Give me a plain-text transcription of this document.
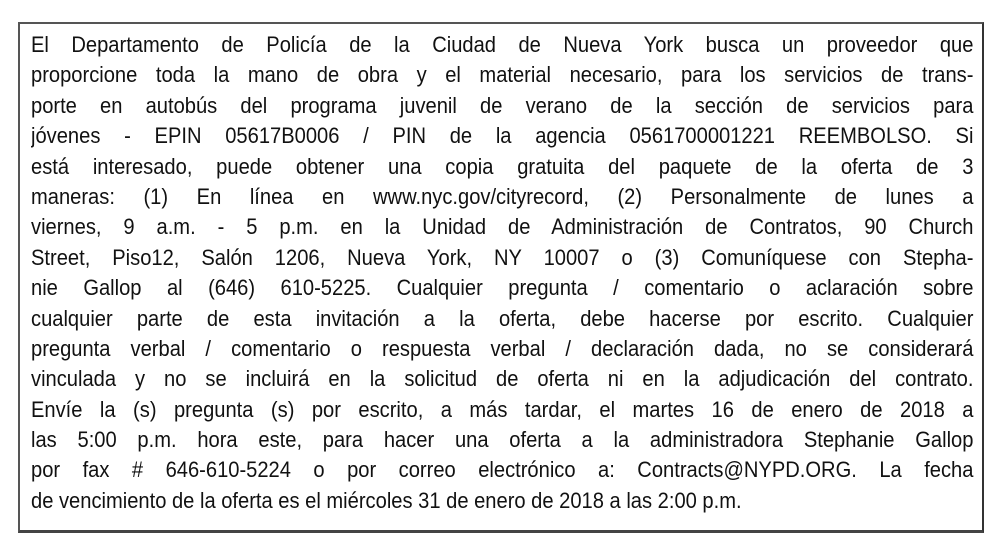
El Departamento de Policía de la Ciudad de Nueva York busca un proveedor que
proporcione toda la mano de obra y el material necesario, para los servicios de trans-
porte en autobús del programa juvenil de verano de la sección de servicios para
jóvenes - EPIN 05617B0006 / PIN de la agencia 0561700001221 REEMBOLSO. Si
está interesado, puede obtener una copia gratuita del paquete de la oferta de 3
maneras: (1) En línea en www.nyc.gov/cityrecord, (2) Personalmente de lunes a
viernes, 9 a.m. - 5 p.m. en la Unidad de Administración de Contratos, 90 Church
Street, Piso12, Salón 1206, Nueva York, NY 10007 o (3) Comuníquese con Stepha-
nie Gallop al (646) 610-5225. Cualquier pregunta / comentario o aclaración sobre
cualquier parte de esta invitación a la oferta, debe hacerse por escrito. Cualquier
pregunta verbal / comentario o respuesta verbal / declaración dada, no se considerará
vinculada y no se incluirá en la solicitud de oferta ni en la adjudicación del contrato.
Envíe la (s) pregunta (s) por escrito, a más tardar, el martes 16 de enero de 2018 a
las 5:00 p.m. hora este, para hacer una oferta a la administradora Stephanie Gallop
por fax # 646-610-5224 o por correo electrónico a: Contracts@NYPD.ORG. La fecha
de vencimiento de la oferta es el miércoles 31 de enero de 2018 a las 2:00 p.m.
